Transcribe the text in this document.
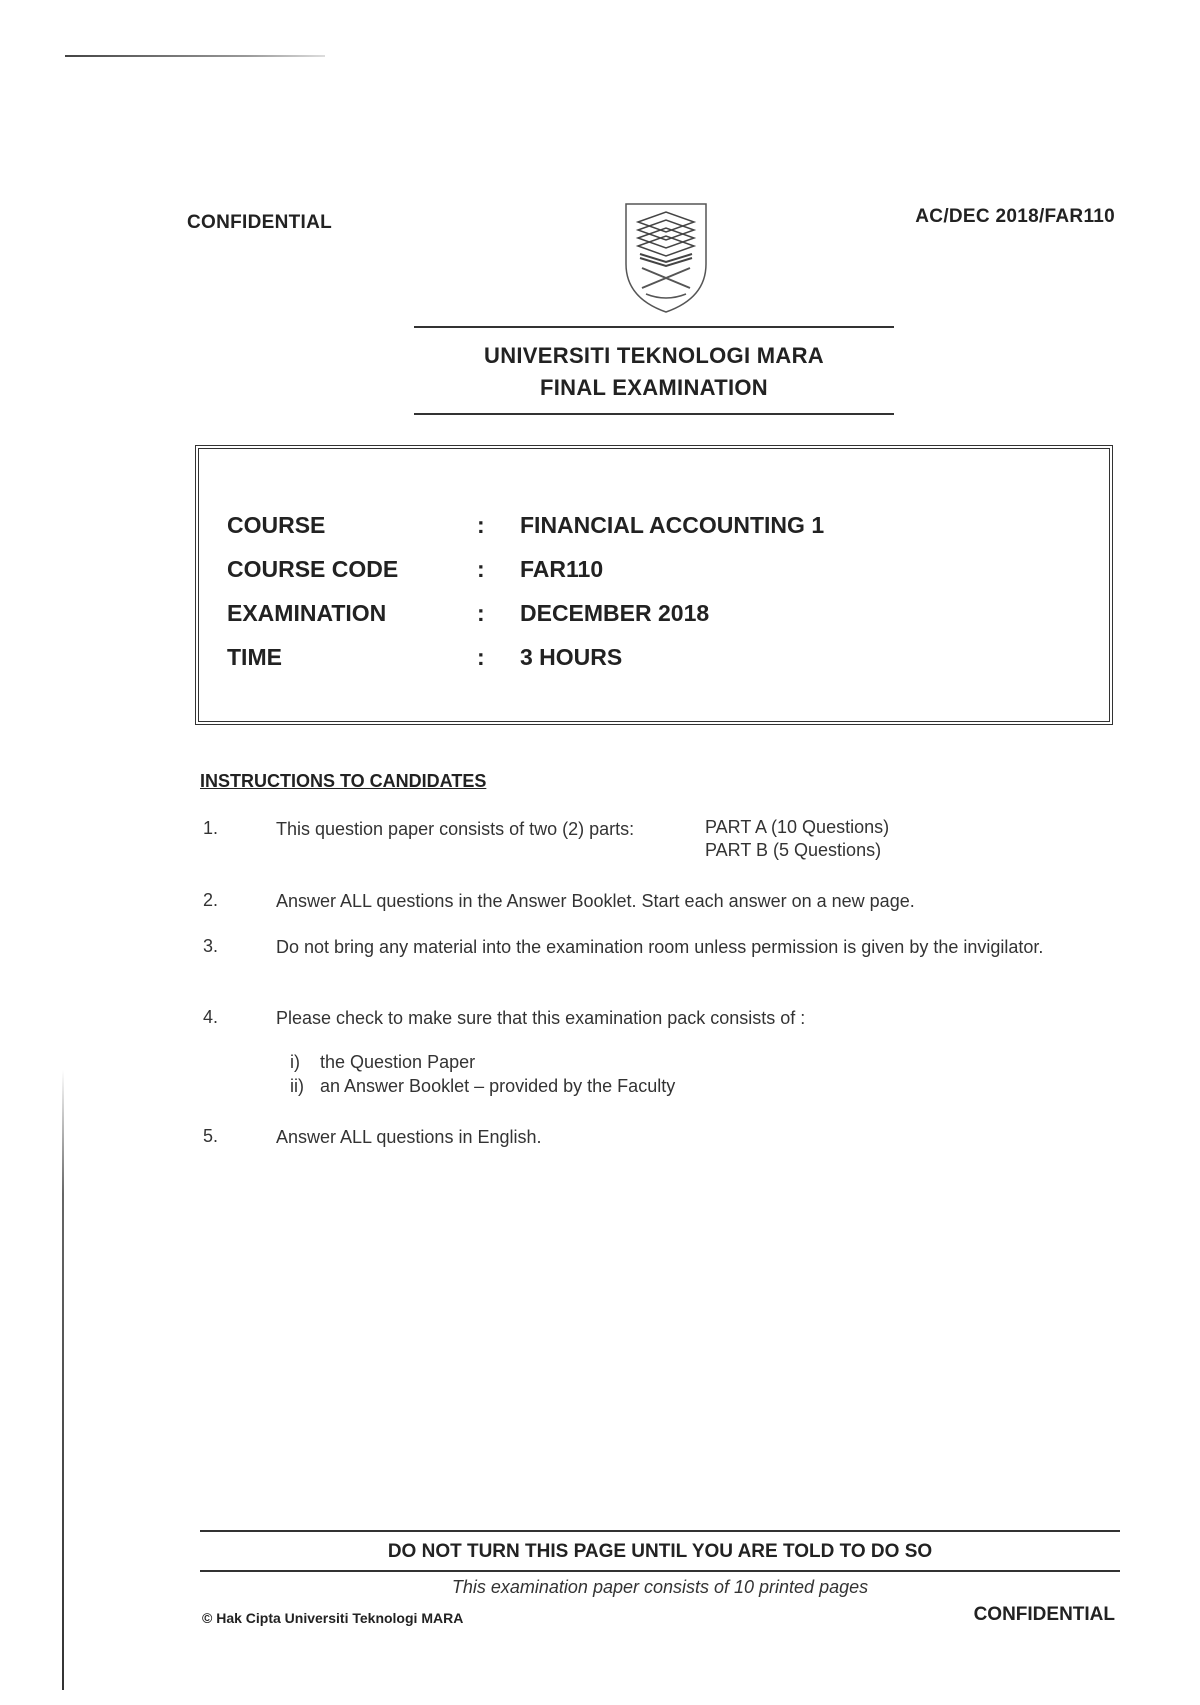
CONFIDENTIAL	AC/DEC 2018/FAR110
UNIVERSITI TEKNOLOGI MARA
FINAL EXAMINATION
COURSE	: FINANCIAL ACCOUNTING 1
COURSE CODE	: FAR110
EXAMINATION	: DECEMBER 2018
TIME	: 3 HOURS
INSTRUCTIONS TO CANDIDATES
1.	This question paper consists of two (2) parts:	PART A (10 Questions)
PART B (5 Questions)
2.	Answer ALL questions in the Answer Booklet. Start each answer on a new page.
3.	Do not bring any material into the examination room unless permission is given by the invigilator.
4.	Please check to make sure that this examination pack consists of :
i) the Question Paper
ii) an Answer Booklet – provided by the Faculty
5.	Answer ALL questions in English.
DO NOT TURN THIS PAGE UNTIL YOU ARE TOLD TO DO SO
This examination paper consists of 10 printed pages
© Hak Cipta Universiti Teknologi MARA	CONFIDENTIAL
